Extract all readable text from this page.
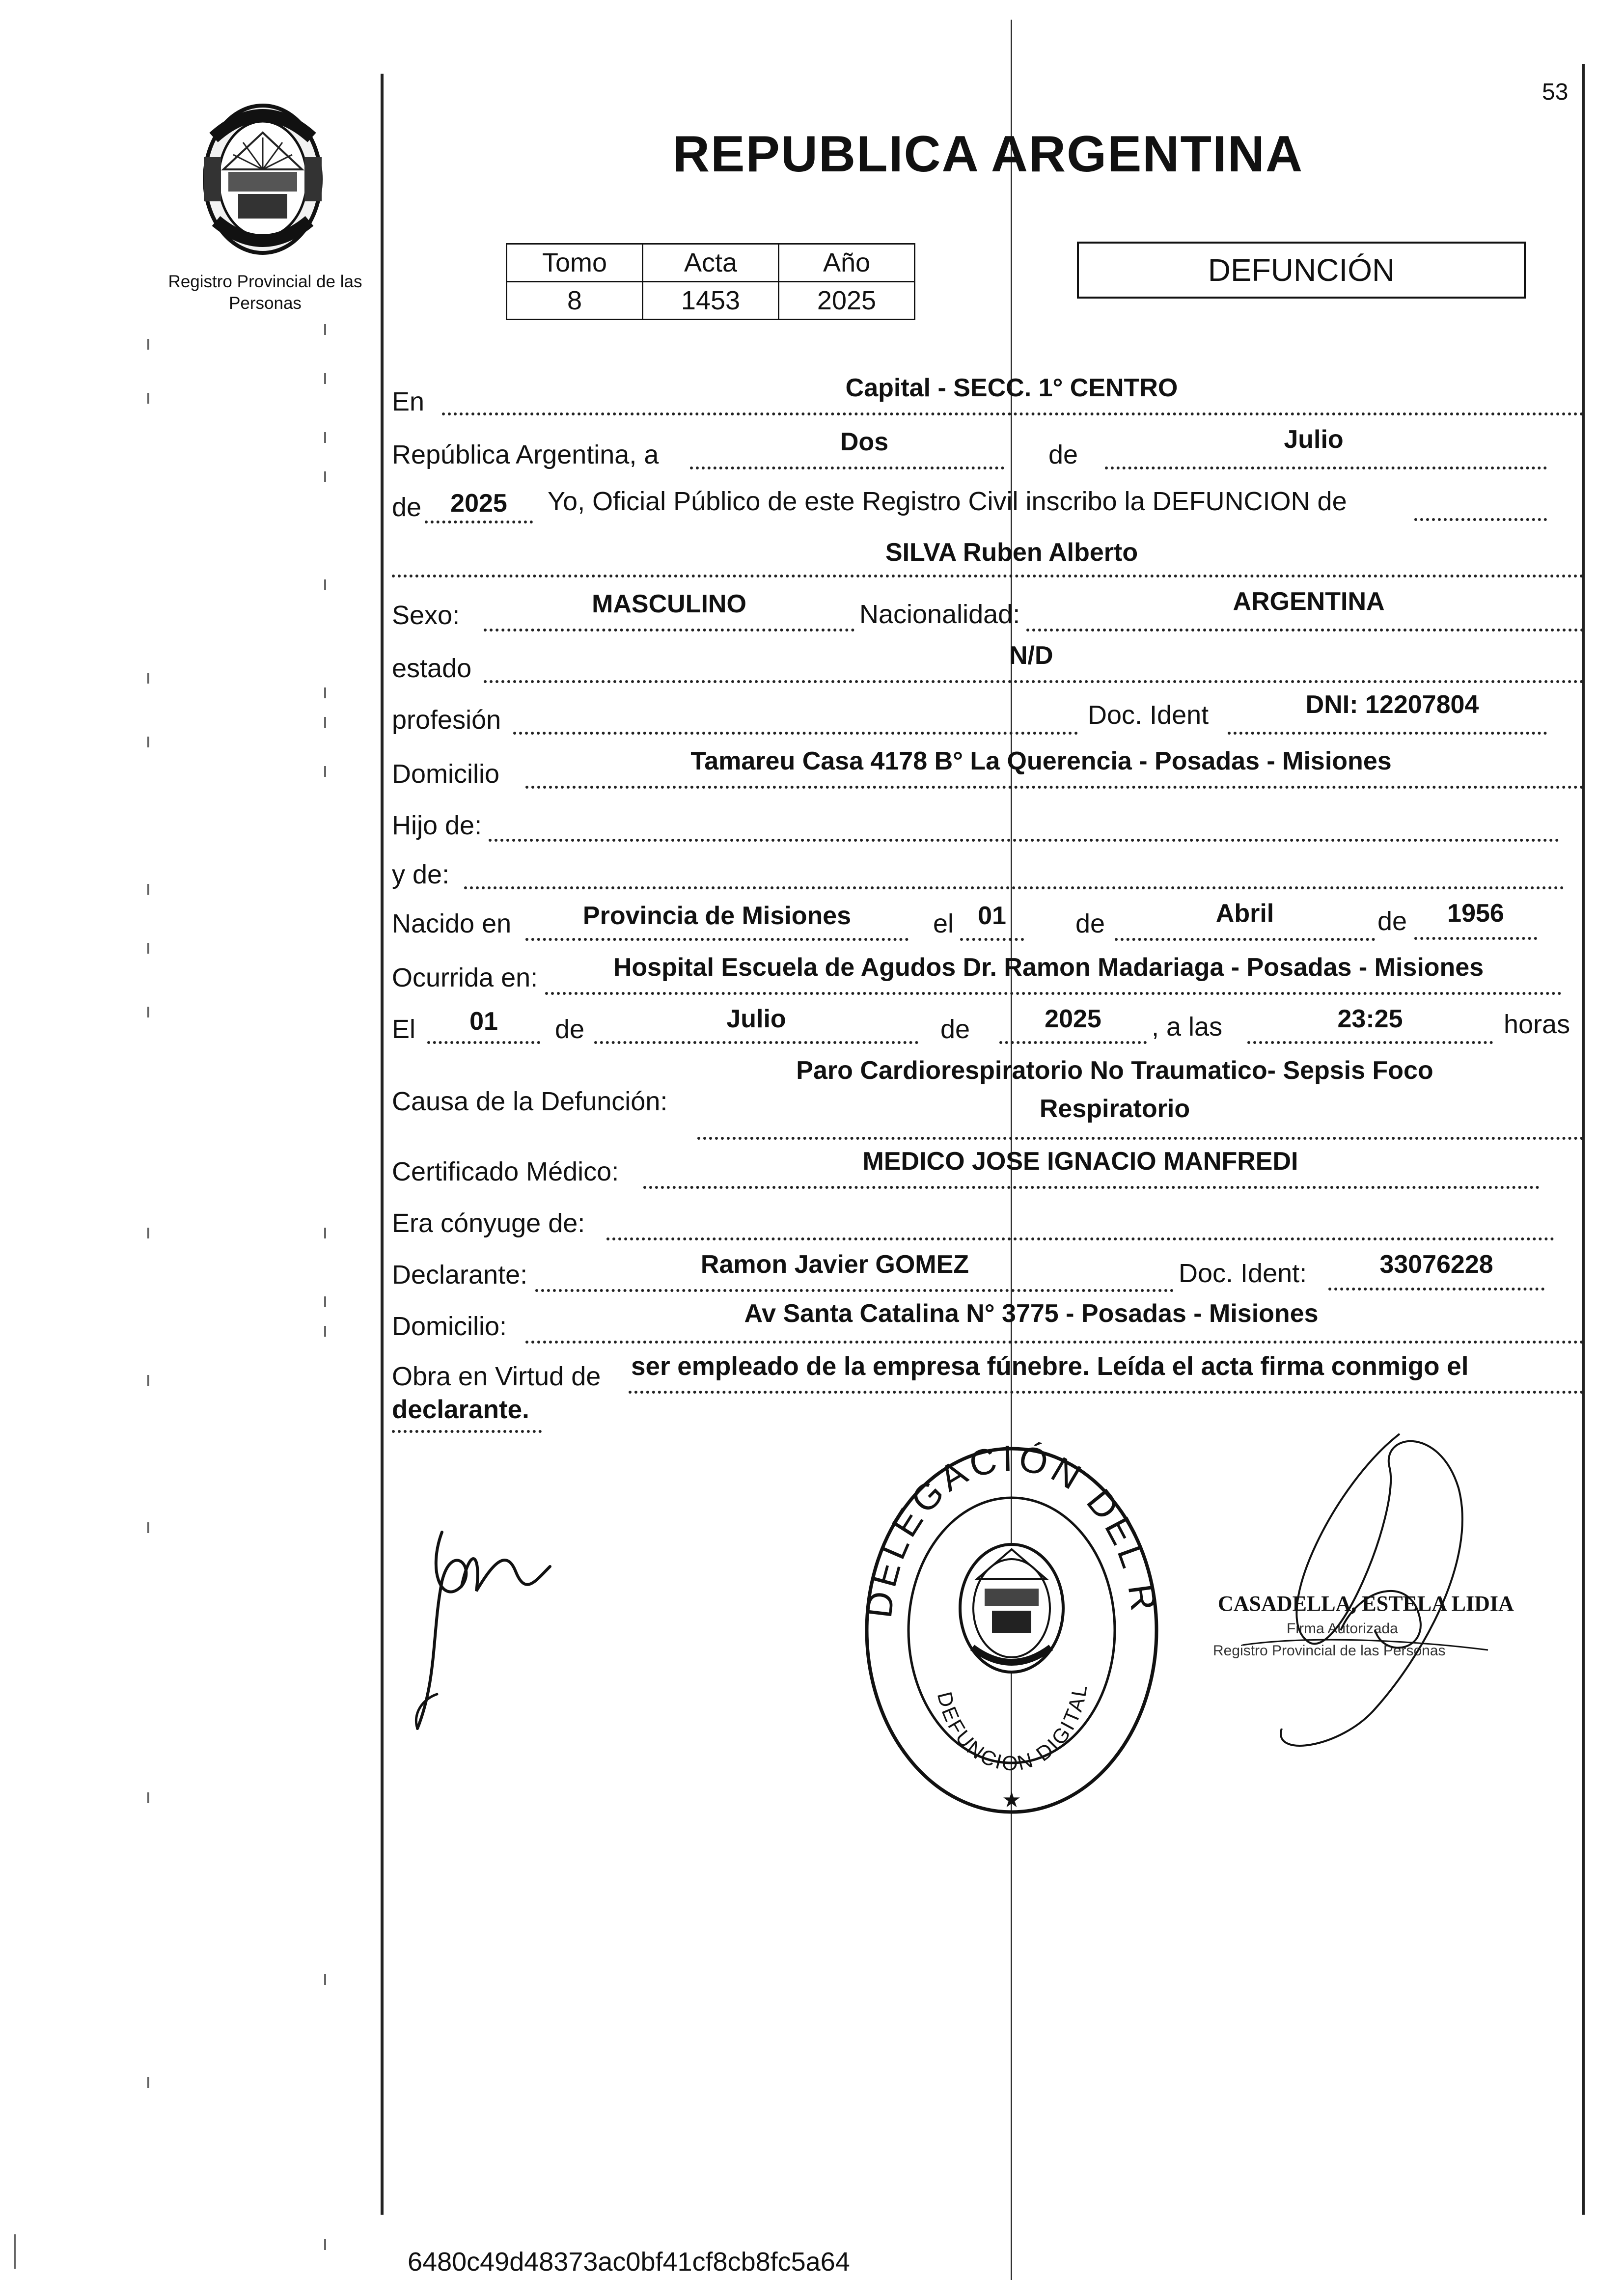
53
Registro Provincial de las Personas
REPUBLICA ARGENTINA
Tomo	Acta	Año
8	1453	2025
DEFUNCIÓN
En	Capital - SECC. 1° CENTRO
República Argentina, a	Dos	de
Julio
de	2025	Yo, Oficial Público de este Registro Civil inscribo la DEFUNCION de
SILVA Ruben Alberto
Sexo:	MASCULINO	Nacionalidad:	ARGENTINA
estado	N/D
profesión	Doc. Ident	DNI: 12207804
Domicilio	Tamareu Casa 4178 B° La Querencia - Posadas - Misiones
Hijo de:
y de:
Nacido en	Provincia de Misiones	el 01	de	Abril	de	1956
Ocurrida en:	Hospital Escuela de Agudos Dr. Ramon Madariaga - Posadas - Misiones
El	01	de	Julio	de	2025	, a las	23:25	horas
Causa de la Defunción:
Paro Cardiorespiratorio No Traumatico- Sepsis Foco
Respiratorio
Certificado Médico:	MEDICO JOSE IGNACIO MANFREDI
Era cónyuge de:
Declarante:	Ramon Javier GOMEZ	Doc. Ident:	33076228
Domicilio:	Av Santa Catalina N° 3775 - Posadas - Misiones
Obra en Virtud de ser empleado de la empresa fúnebre. Leída el acta firma conmigo el
declarante.
DELEGACIÓN DEL REGISTRO DE LAS PERSONAS
DEFUNCION DIGITAL
★
CASADELLA, ESTELA LIDIA
Firma Autorizada
Registro Provincial de las Personas
6480c49d48373ac0bf41cf8cb8fc5a64
